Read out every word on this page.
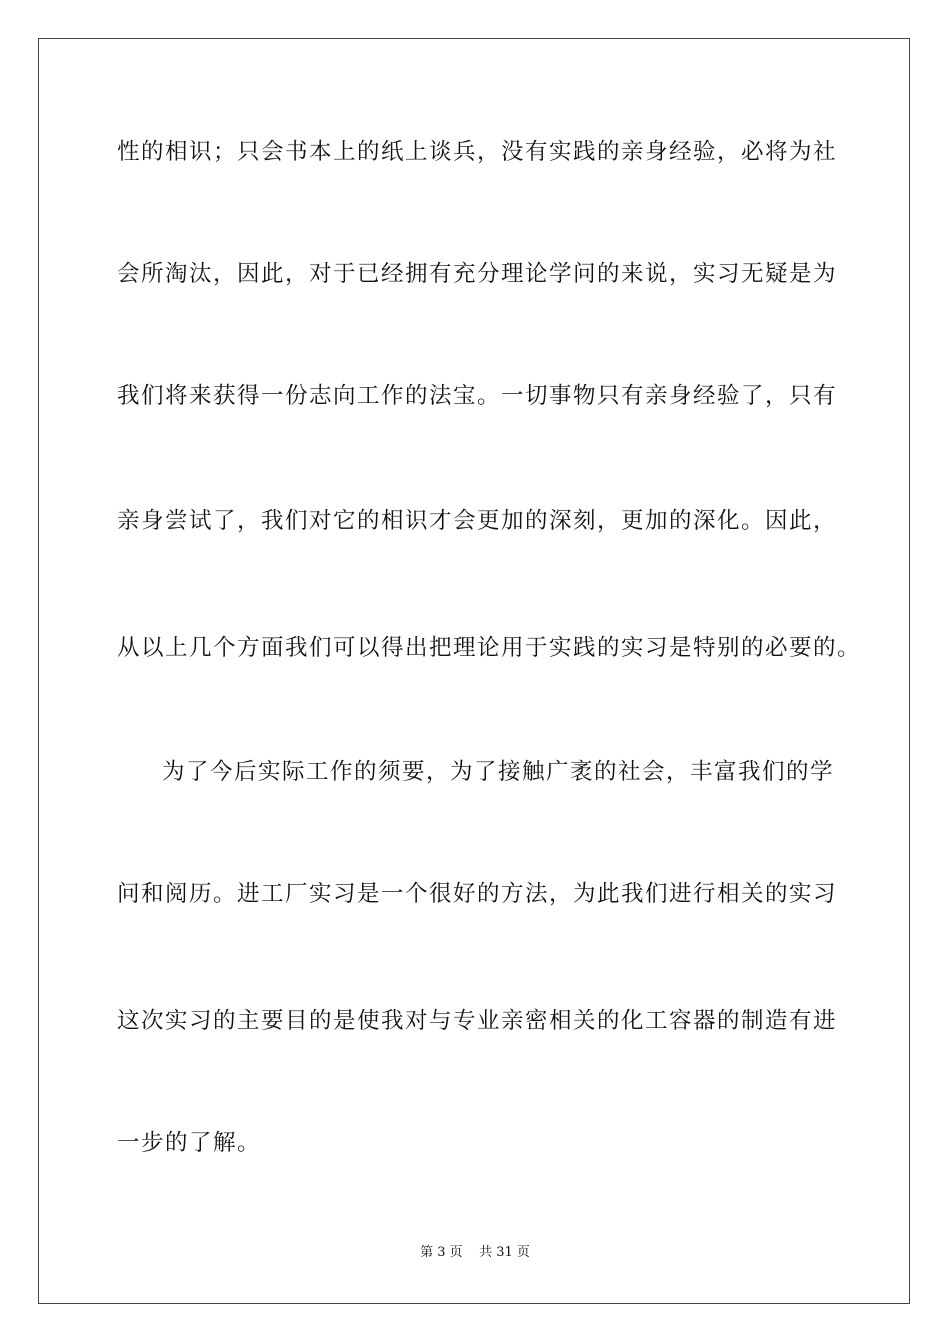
性的相识；只会书本上的纸上谈兵，没有实践的亲身经验，必将为社
会所淘汰，因此，对于已经拥有充分理论学问的来说，实习无疑是为
我们将来获得一份志向工作的法宝。一切事物只有亲身经验了，只有
亲身尝试了，我们对它的相识才会更加的深刻，更加的深化。因此，
从以上几个方面我们可以得出把理论用于实践的实习是特别的必要的。
为了今后实际工作的须要，为了接触广袤的社会，丰富我们的学
问和阅历。进工厂实习是一个很好的方法，为此我们进行相关的实习
这次实习的主要目的是使我对与专业亲密相关的化工容器的制造有进
一步的了解。
第 3 页    共 31 页
